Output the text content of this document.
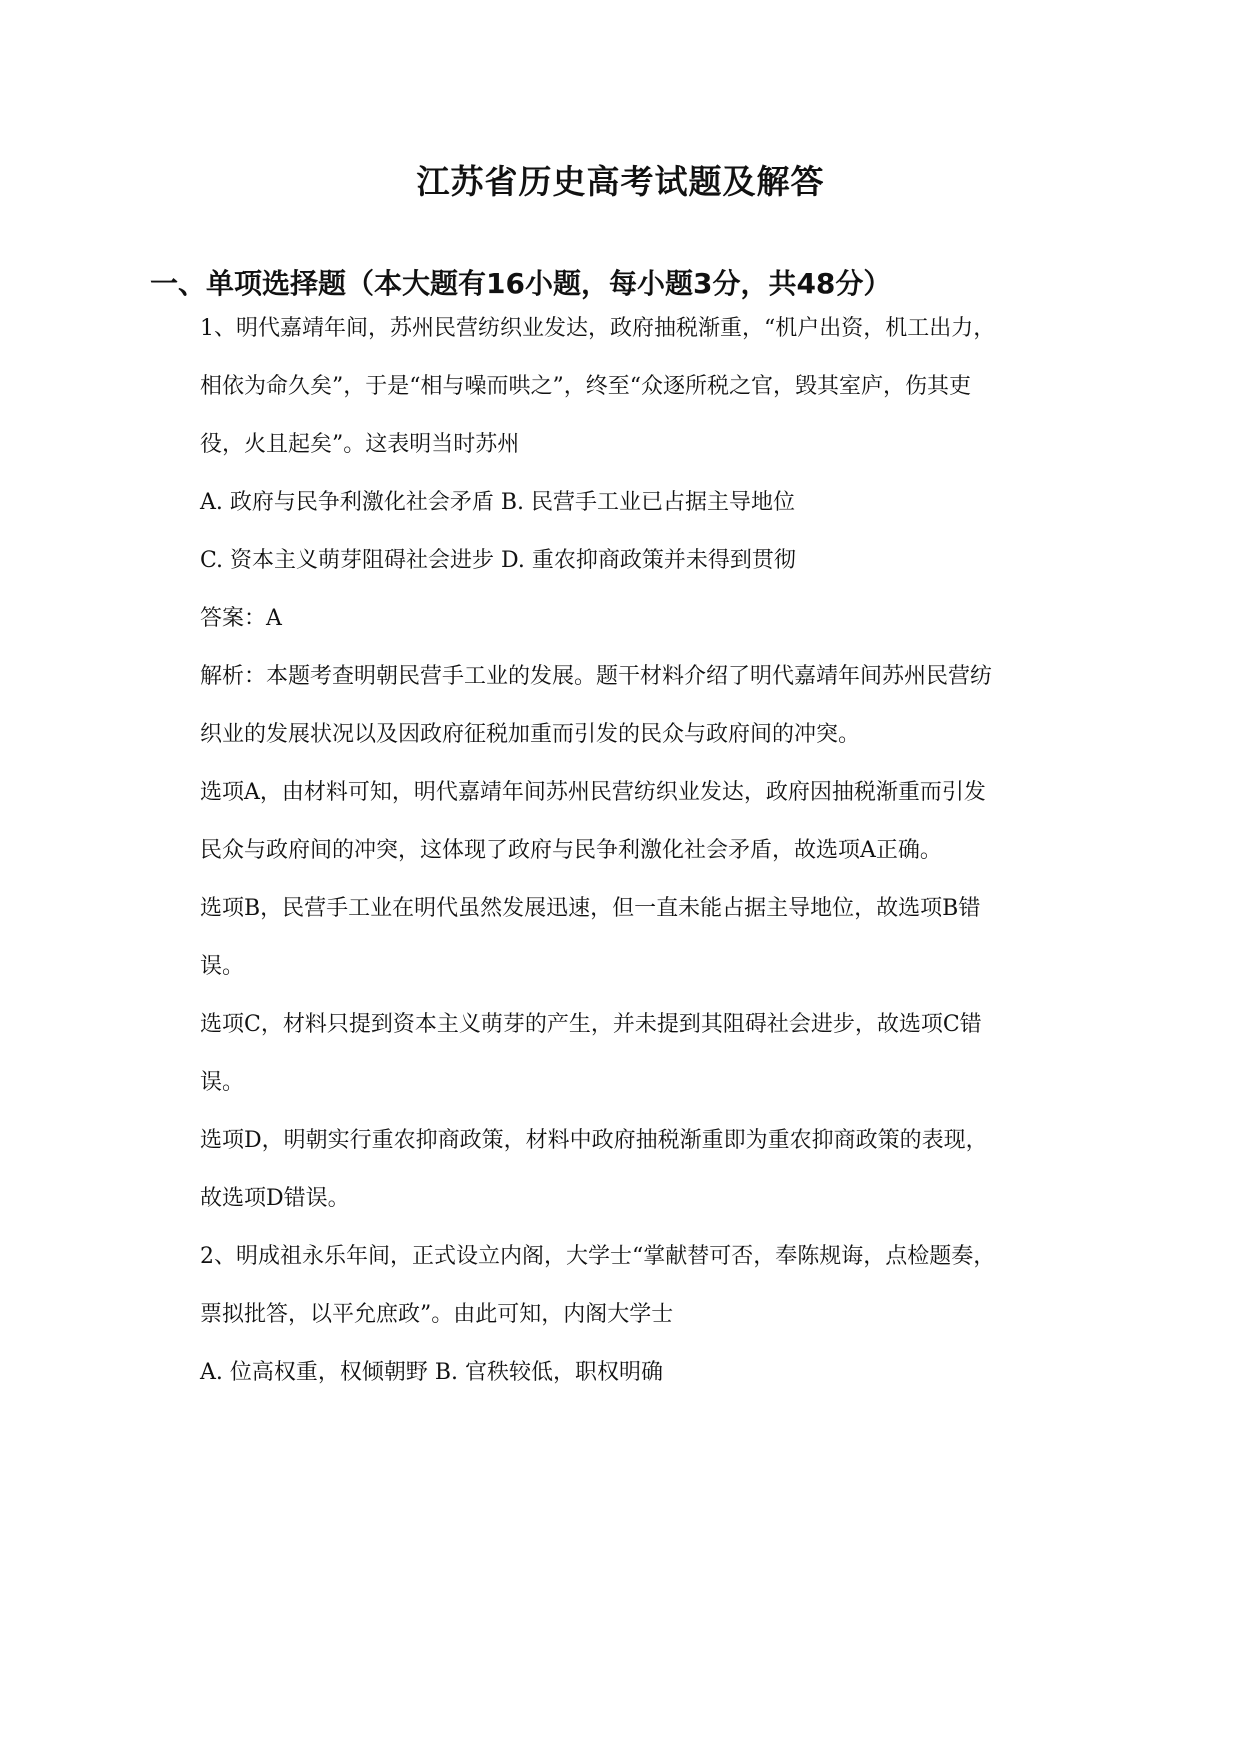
江苏省历史高考试题及解答
一、单项选择题（本大题有16小题，每小题3分，共48分）
1、明代嘉靖年间，苏州民营纺织业发达，政府抽税渐重，“机户出资，机工出力，
相依为命久矣”，于是“相与噪而哄之”，终至“众逐所税之官，毁其室庐，伤其吏
役，火且起矣”。这表明当时苏州
A. 政府与民争利激化社会矛盾 B. 民营手工业已占据主导地位
C. 资本主义萌芽阻碍社会进步 D. 重农抑商政策并未得到贯彻
答案：A
解析：本题考查明朝民营手工业的发展。题干材料介绍了明代嘉靖年间苏州民营纺
织业的发展状况以及因政府征税加重而引发的民众与政府间的冲突。
选项A，由材料可知，明代嘉靖年间苏州民营纺织业发达，政府因抽税渐重而引发
民众与政府间的冲突，这体现了政府与民争利激化社会矛盾，故选项A正确。
选项B，民营手工业在明代虽然发展迅速，但一直未能占据主导地位，故选项B错
误。
选项C，材料只提到资本主义萌芽的产生，并未提到其阻碍社会进步，故选项C错
误。
选项D，明朝实行重农抑商政策，材料中政府抽税渐重即为重农抑商政策的表现，
故选项D错误。
2、明成祖永乐年间，正式设立内阁，大学士“掌献替可否，奉陈规诲，点检题奏，
票拟批答，以平允庶政”。由此可知，内阁大学士
A. 位高权重，权倾朝野 B. 官秩较低，职权明确
